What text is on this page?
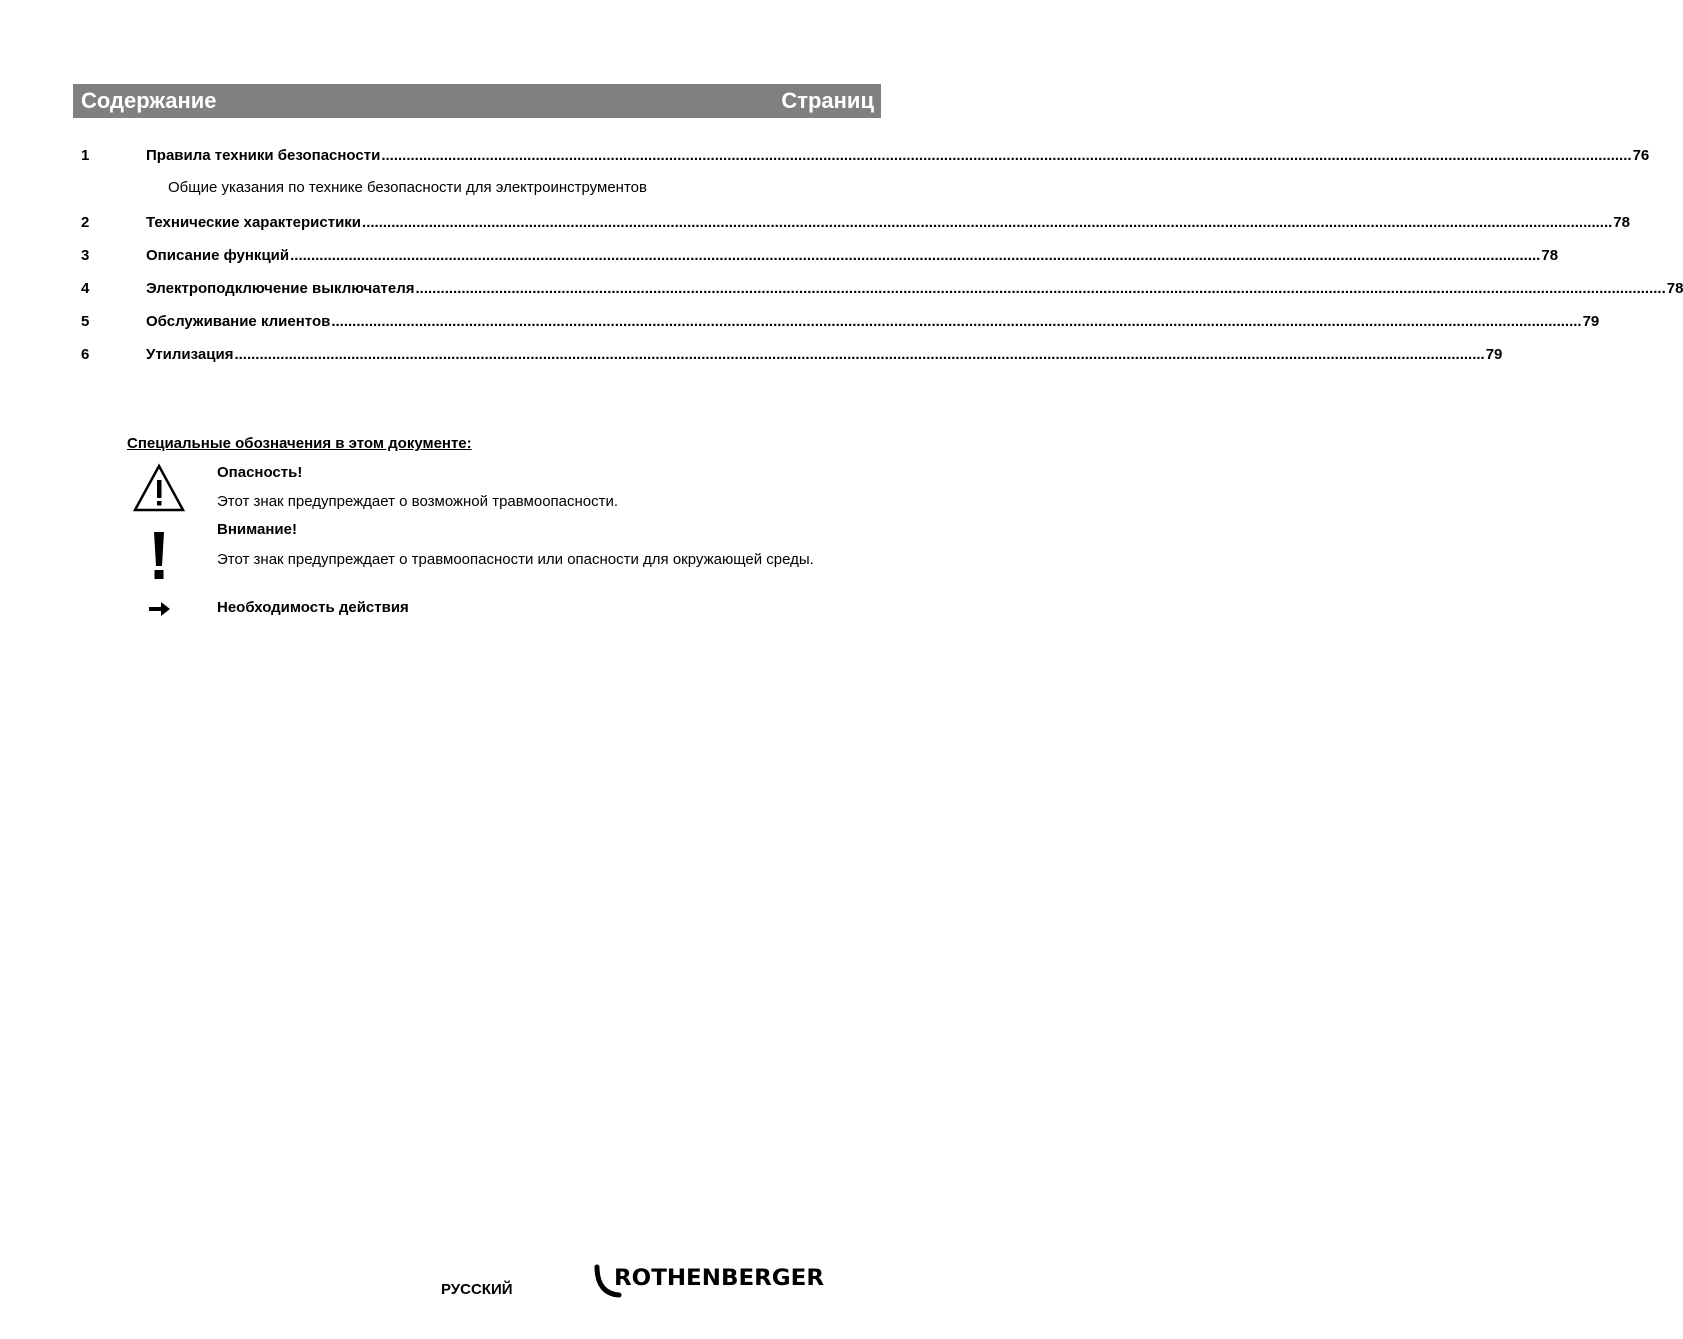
Содержание	Страниц
1	Правила техники безопасности ............................................................................................................................................................................................................................................................................................................ 76
Общие указания по технике безопасности для электроинструментов
2	Технические характеристики ............................................................................................................................................................................................................................................................................................................ 78
3	Описание функций ............................................................................................................................................................................................................................................................................................................ 78
4	Электроподключение выключателя ............................................................................................................................................................................................................................................................................................................ 78
5	Обслуживание клиентов ............................................................................................................................................................................................................................................................................................................ 79
6	Утилизация ............................................................................................................................................................................................................................................................................................................ 79
Специальные обозначения в этом документе:
Опасность!
Этот знак предупреждает о возможной травмоопасности.
Внимание!
Этот знак предупреждает о травмоопасности или опасности для окружающей среды.
Необходимость действия
РУССКИЙ	ROTHENBERGER
